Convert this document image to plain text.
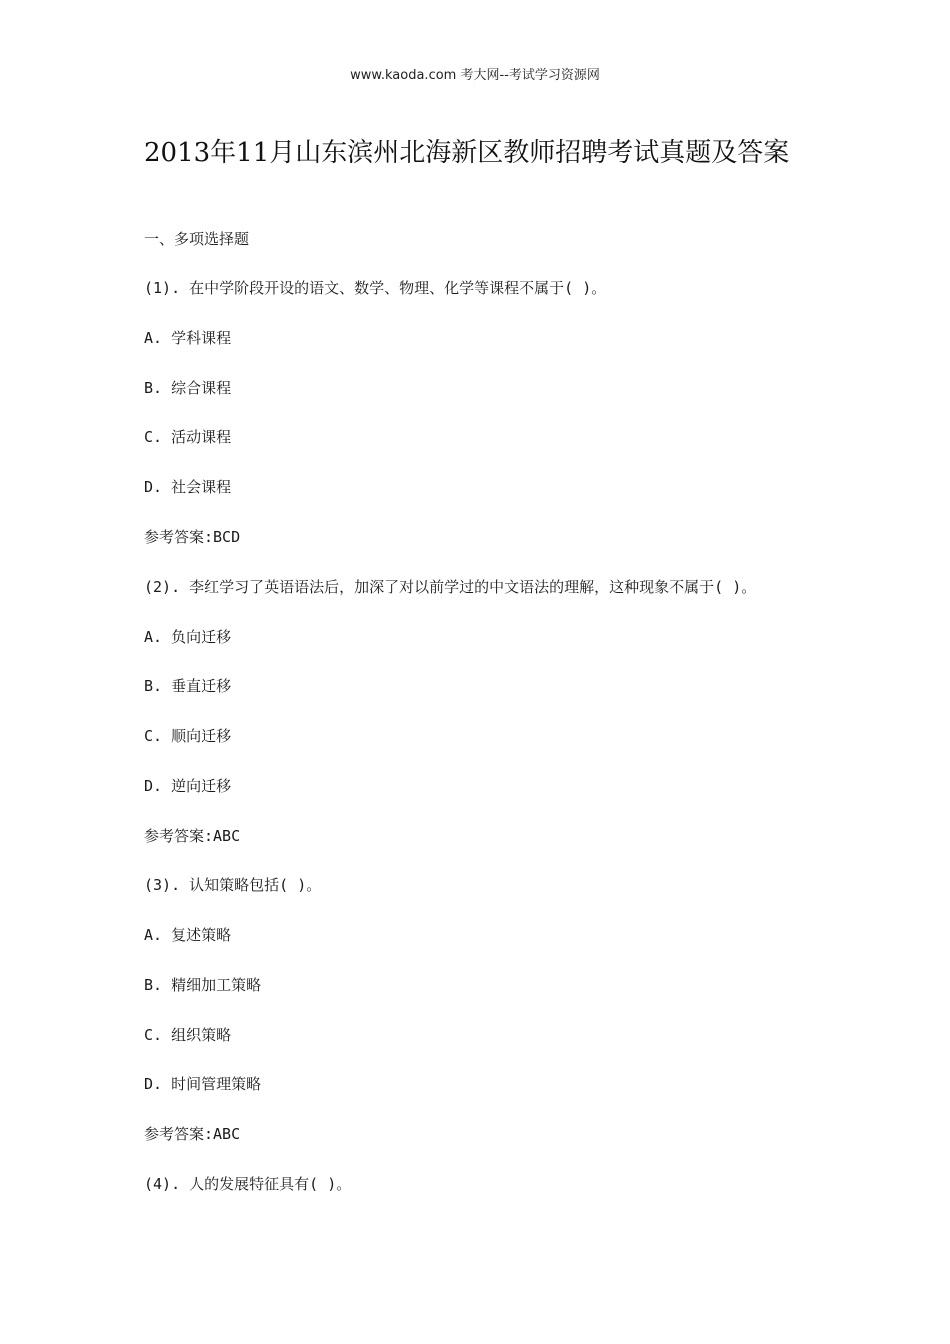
www.kaoda.com 考大网--考试学习资源网
2013年11月山东滨州北海新区教师招聘考试真题及答案
一、多项选择题
(1). 在中学阶段开设的语文、数学、物理、化学等课程不属于( )。
A. 学科课程
B. 综合课程
C. 活动课程
D. 社会课程
参考答案:BCD
(2). 李红学习了英语语法后，加深了对以前学过的中文语法的理解，这种现象不属于( )。
A. 负向迁移
B. 垂直迁移
C. 顺向迁移
D. 逆向迁移
参考答案:ABC
(3). 认知策略包括( )。
A. 复述策略
B. 精细加工策略
C. 组织策略
D. 时间管理策略
参考答案:ABC
(4). 人的发展特征具有( )。
